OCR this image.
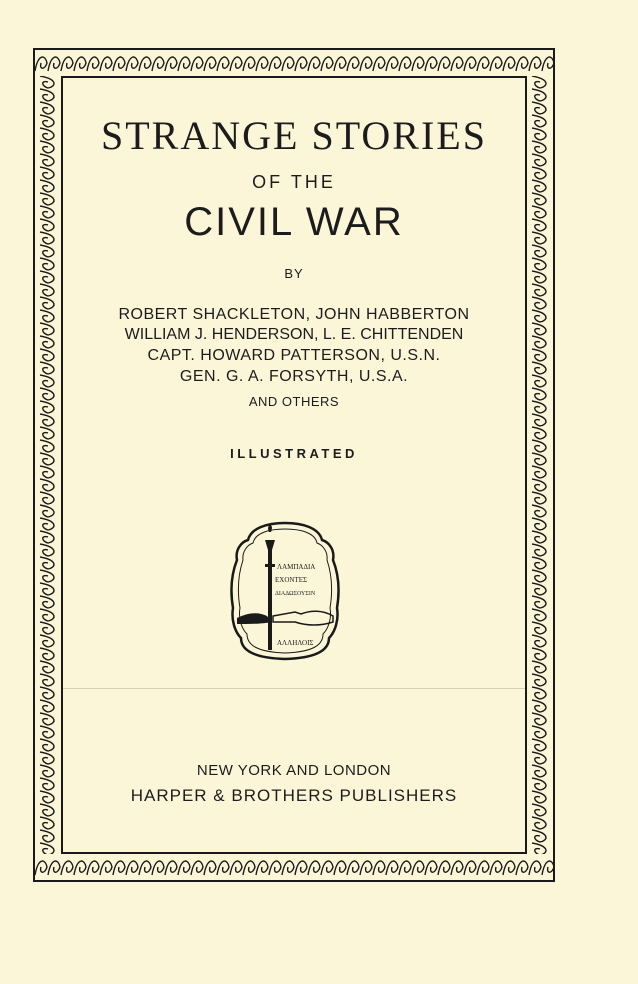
STRANGE STORIES
OF THE
CIVIL WAR
BY
ROBERT SHACKLETON, JOHN HABBERTON
WILLIAM J. HENDERSON, L. E. CHITTENDEN
CAPT. HOWARD PATTERSON, U.S.N.
GEN. G. A. FORSYTH, U.S.A.
AND OTHERS
ILLUSTRATED
ΛΑΜΠΑΔΙΑ
ΕΧΟΝΤΕΣ
ΔΙΑΔΩΣΟΥΣΙΝ
ΑΛΛΗΛΟΙΣ
NEW YORK AND LONDON
HARPER & BROTHERS PUBLISHERS
